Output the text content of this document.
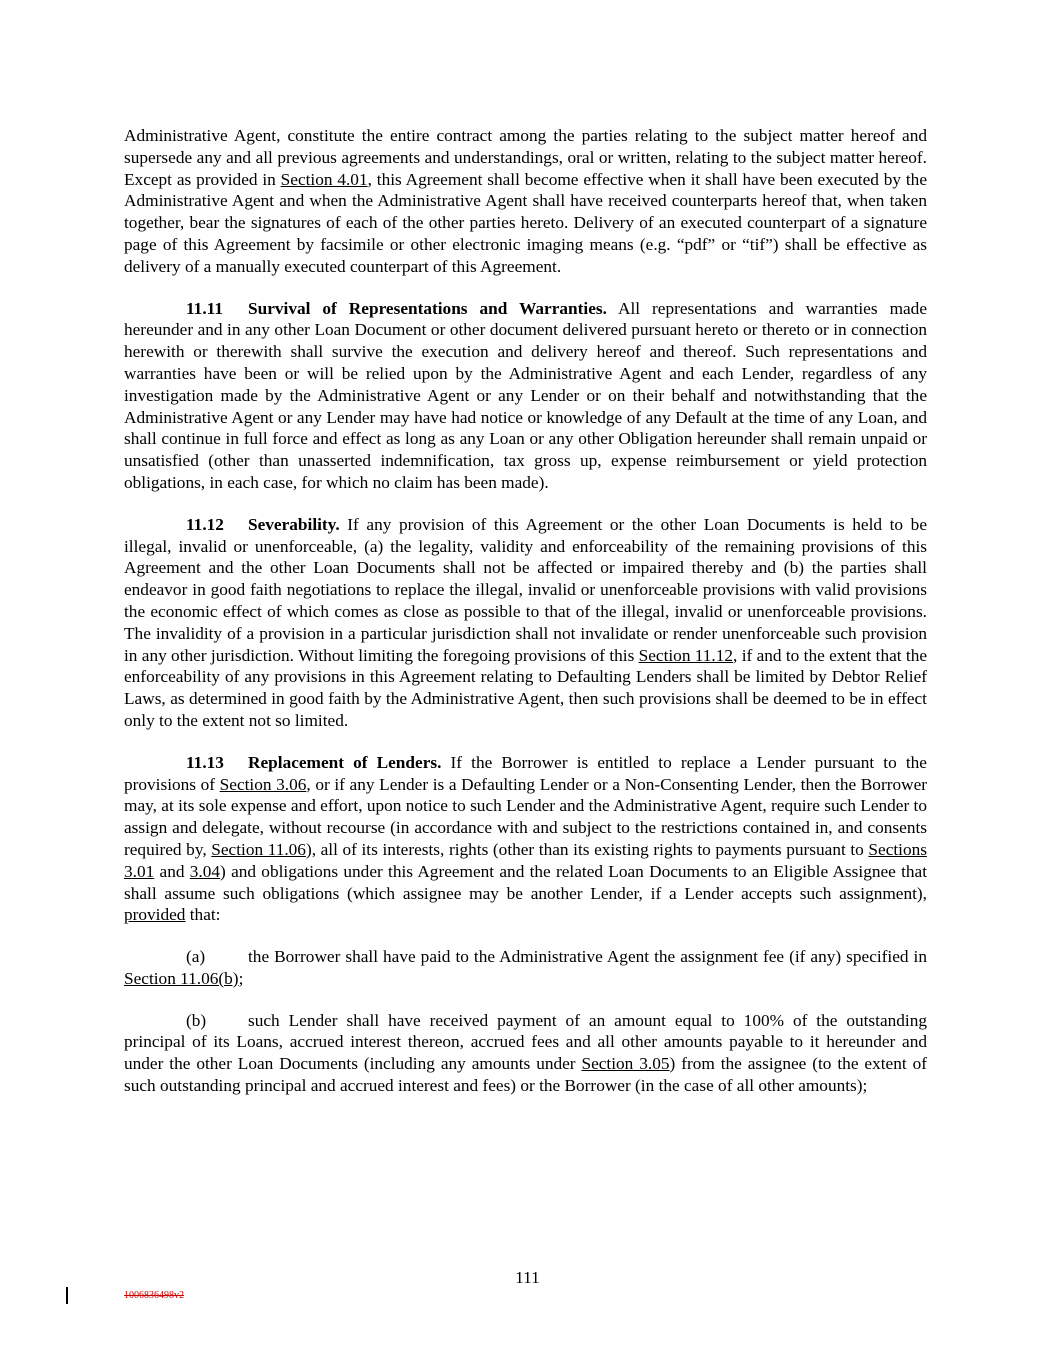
Administrative Agent, constitute the entire contract among the parties relating to the subject matter hereof and supersede any and all previous agreements and understandings, oral or written, relating to the subject matter hereof. Except as provided in Section 4.01, this Agreement shall become effective when it shall have been executed by the Administrative Agent and when the Administrative Agent shall have received counterparts hereof that, when taken together, bear the signatures of each of the other parties hereto. Delivery of an executed counterpart of a signature page of this Agreement by facsimile or other electronic imaging means (e.g. “pdf” or “tif”) shall be effective as delivery of a manually executed counterpart of this Agreement.

11.11 Survival of Representations and Warranties. All representations and warranties made hereunder and in any other Loan Document or other document delivered pursuant hereto or thereto or in connection herewith or therewith shall survive the execution and delivery hereof and thereof. Such representations and warranties have been or will be relied upon by the Administrative Agent and each Lender, regardless of any investigation made by the Administrative Agent or any Lender or on their behalf and notwithstanding that the Administrative Agent or any Lender may have had notice or knowledge of any Default at the time of any Loan, and shall continue in full force and effect as long as any Loan or any other Obligation hereunder shall remain unpaid or unsatisfied (other than unasserted indemnification, tax gross up, expense reimbursement or yield protection obligations, in each case, for which no claim has been made).

11.12 Severability. If any provision of this Agreement or the other Loan Documents is held to be illegal, invalid or unenforceable, (a) the legality, validity and enforceability of the remaining provisions of this Agreement and the other Loan Documents shall not be affected or impaired thereby and (b) the parties shall endeavor in good faith negotiations to replace the illegal, invalid or unenforceable provisions with valid provisions the economic effect of which comes as close as possible to that of the illegal, invalid or unenforceable provisions. The invalidity of a provision in a particular jurisdiction shall not invalidate or render unenforceable such provision in any other jurisdiction. Without limiting the foregoing provisions of this Section 11.12, if and to the extent that the enforceability of any provisions in this Agreement relating to Defaulting Lenders shall be limited by Debtor Relief Laws, as determined in good faith by the Administrative Agent, then such provisions shall be deemed to be in effect only to the extent not so limited.

11.13 Replacement of Lenders. If the Borrower is entitled to replace a Lender pursuant to the provisions of Section 3.06, or if any Lender is a Defaulting Lender or a Non-Consenting Lender, then the Borrower may, at its sole expense and effort, upon notice to such Lender and the Administrative Agent, require such Lender to assign and delegate, without recourse (in accordance with and subject to the restrictions contained in, and consents required by, Section 11.06), all of its interests, rights (other than its existing rights to payments pursuant to Sections 3.01 and 3.04) and obligations under this Agreement and the related Loan Documents to an Eligible Assignee that shall assume such obligations (which assignee may be another Lender, if a Lender accepts such assignment), provided that:

(a) the Borrower shall have paid to the Administrative Agent the assignment fee (if any) specified in Section 11.06(b);

(b) such Lender shall have received payment of an amount equal to 100% of the outstanding principal of its Loans, accrued interest thereon, accrued fees and all other amounts payable to it hereunder and under the other Loan Documents (including any amounts under Section 3.05) from the assignee (to the extent of such outstanding principal and accrued interest and fees) or the Borrower (in the case of all other amounts);

111
1006836498v2
